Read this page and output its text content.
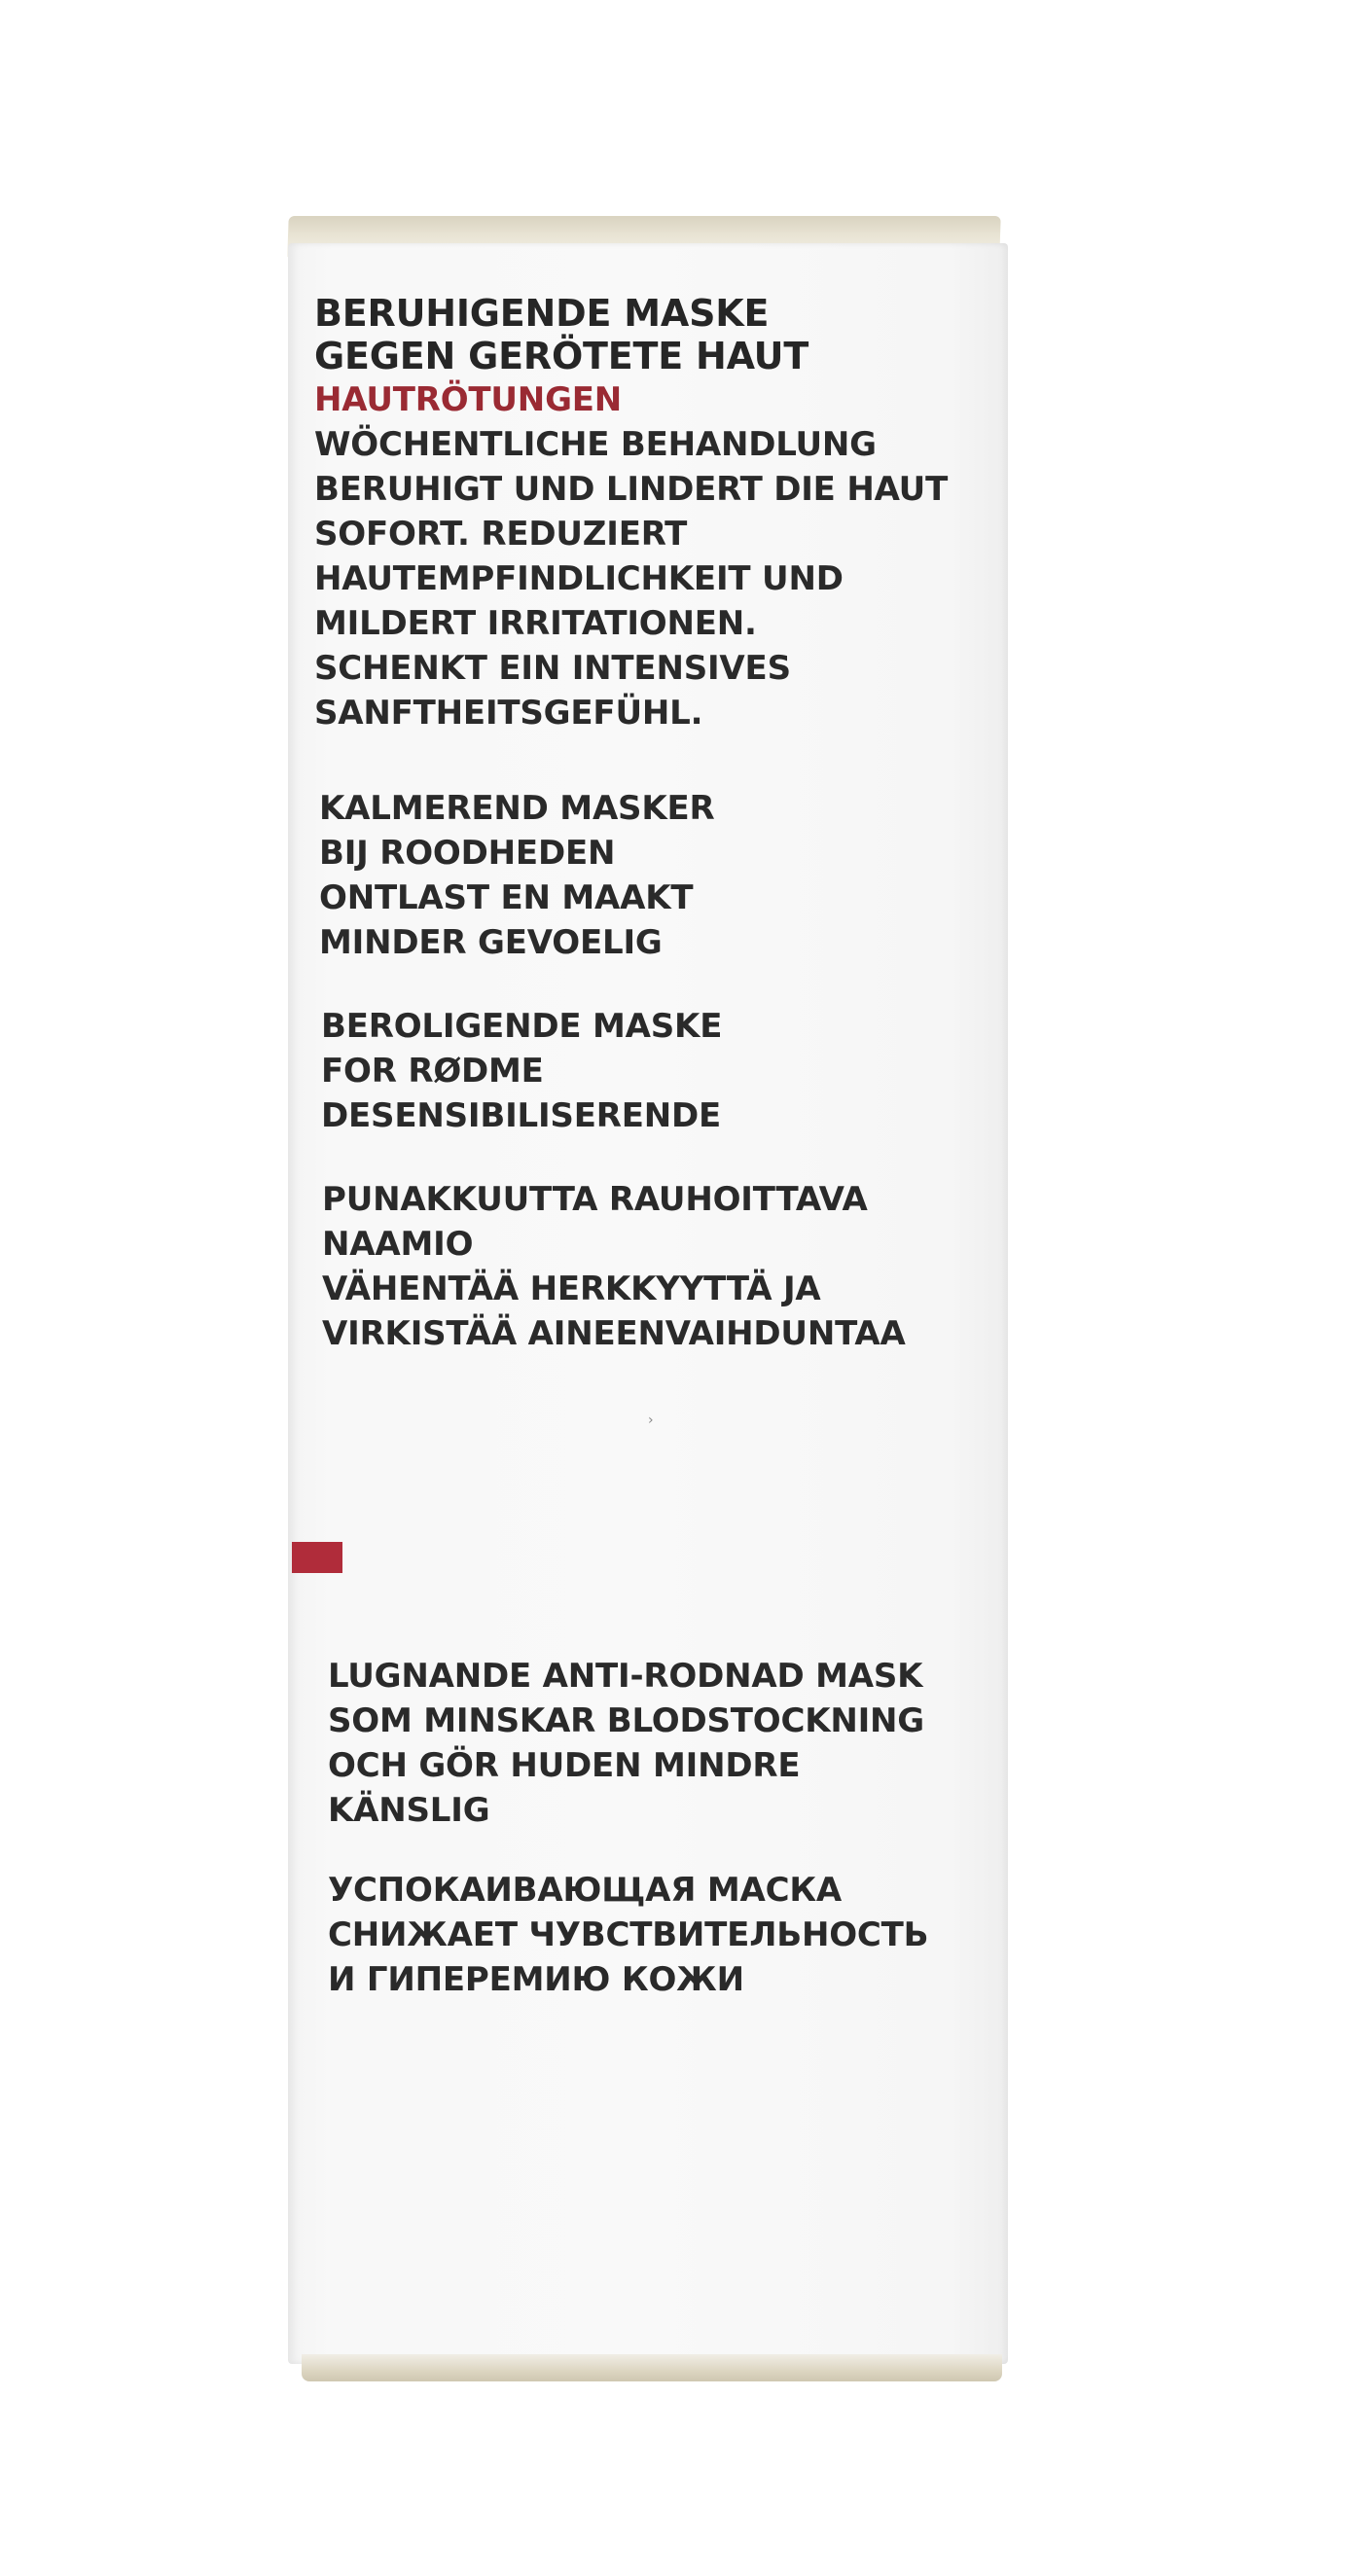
BERUHIGENDE MASKE
GEGEN GERÖTETE HAUT
HAUTRÖTUNGEN
WÖCHENTLICHE BEHANDLUNG
BERUHIGT UND LINDERT DIE HAUT
SOFORT. REDUZIERT
HAUTEMPFINDLICHKEIT UND
MILDERT IRRITATIONEN.
SCHENKT EIN INTENSIVES
SANFTHEITSGEFÜHL.
KALMEREND MASKER
BIJ ROODHEDEN
ONTLAST EN MAAKT
MINDER GEVOELIG
BEROLIGENDE MASKE
FOR RØDME
DESENSIBILISERENDE
PUNAKKUUTTA RAUHOITTAVA
NAAMIO
VÄHENTÄÄ HERKKYYTTÄ JA
VIRKISTÄÄ AINEENVAIHDUNTAA
›
LUGNANDE ANTI-RODNAD MASK
SOM MINSKAR BLODSTOCKNING
OCH GÖR HUDEN MINDRE
KÄNSLIG
УСПОКАИВАЮЩАЯ МАСКА
СНИЖАЕТ ЧУВСТВИТЕЛЬНОСТЬ
И ГИПЕРЕМИЮ КОЖИ
